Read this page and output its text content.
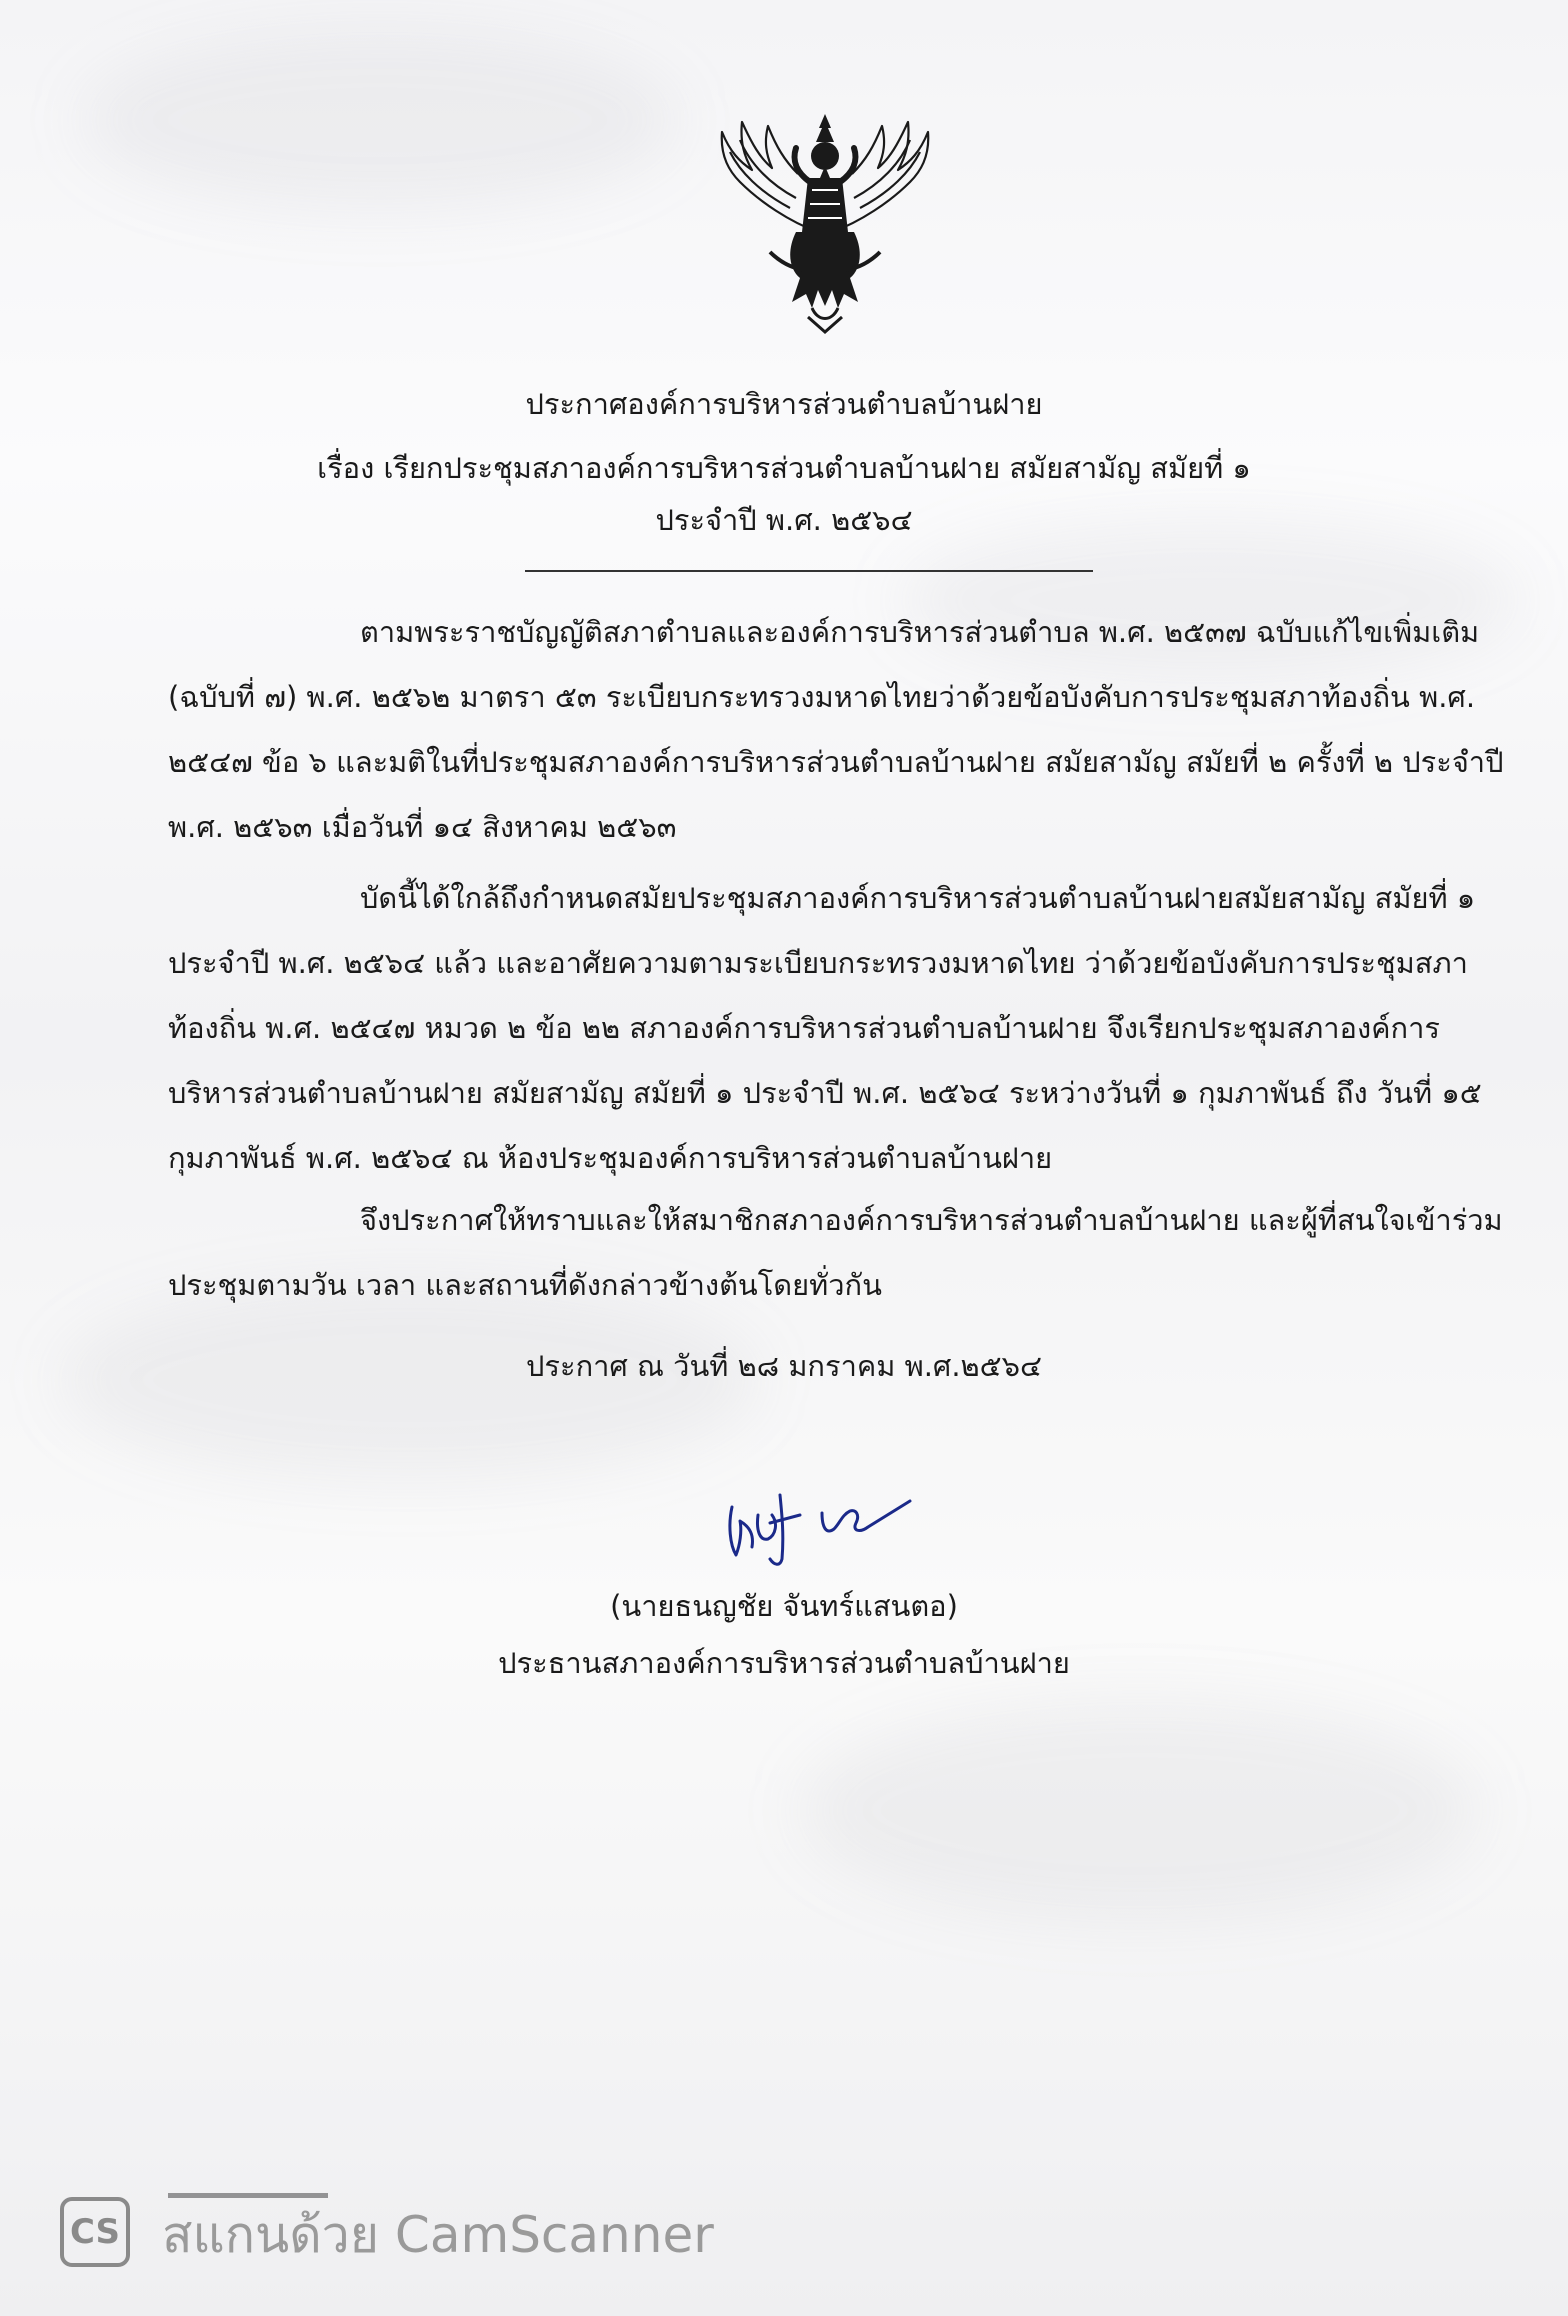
ประกาศองค์การบริหารส่วนตำบลบ้านฝาย
เรื่อง เรียกประชุมสภาองค์การบริหารส่วนตำบลบ้านฝาย สมัยสามัญ สมัยที่ ๑
ประจำปี พ.ศ. ๒๕๖๔
ตามพระราชบัญญัติสภาตำบลและองค์การบริหารส่วนตำบล พ.ศ. ๒๕๓๗ ฉบับแก้ไขเพิ่มเติม
(ฉบับที่ ๗) พ.ศ. ๒๕๖๒ มาตรา ๕๓ ระเบียบกระทรวงมหาดไทยว่าด้วยข้อบังคับการประชุมสภาท้องถิ่น พ.ศ.
๒๕๔๗ ข้อ ๖ และมติในที่ประชุมสภาองค์การบริหารส่วนตำบลบ้านฝาย สมัยสามัญ สมัยที่ ๒ ครั้งที่ ๒ ประจำปี
พ.ศ. ๒๕๖๓ เมื่อวันที่ ๑๔ สิงหาคม ๒๕๖๓
บัดนี้ได้ใกล้ถึงกำหนดสมัยประชุมสภาองค์การบริหารส่วนตำบลบ้านฝายสมัยสามัญ สมัยที่ ๑
ประจำปี พ.ศ. ๒๕๖๔ แล้ว และอาศัยความตามระเบียบกระทรวงมหาดไทย ว่าด้วยข้อบังคับการประชุมสภา
ท้องถิ่น พ.ศ. ๒๕๔๗ หมวด ๒ ข้อ ๒๒ สภาองค์การบริหารส่วนตำบลบ้านฝาย จึงเรียกประชุมสภาองค์การ
บริหารส่วนตำบลบ้านฝาย สมัยสามัญ สมัยที่ ๑ ประจำปี พ.ศ. ๒๕๖๔ ระหว่างวันที่ ๑ กุมภาพันธ์ ถึง วันที่ ๑๕
กุมภาพันธ์ พ.ศ. ๒๕๖๔ ณ ห้องประชุมองค์การบริหารส่วนตำบลบ้านฝาย
จึงประกาศให้ทราบและให้สมาชิกสภาองค์การบริหารส่วนตำบลบ้านฝาย และผู้ที่สนใจเข้าร่วม
ประชุมตามวัน เวลา และสถานที่ดังกล่าวข้างต้นโดยทั่วกัน
ประกาศ ณ วันที่ ๒๘ มกราคม พ.ศ.๒๕๖๔
(นายธนญชัย จันทร์แสนตอ)
ประธานสภาองค์การบริหารส่วนตำบลบ้านฝาย
CS สแกนด้วย CamScanner
